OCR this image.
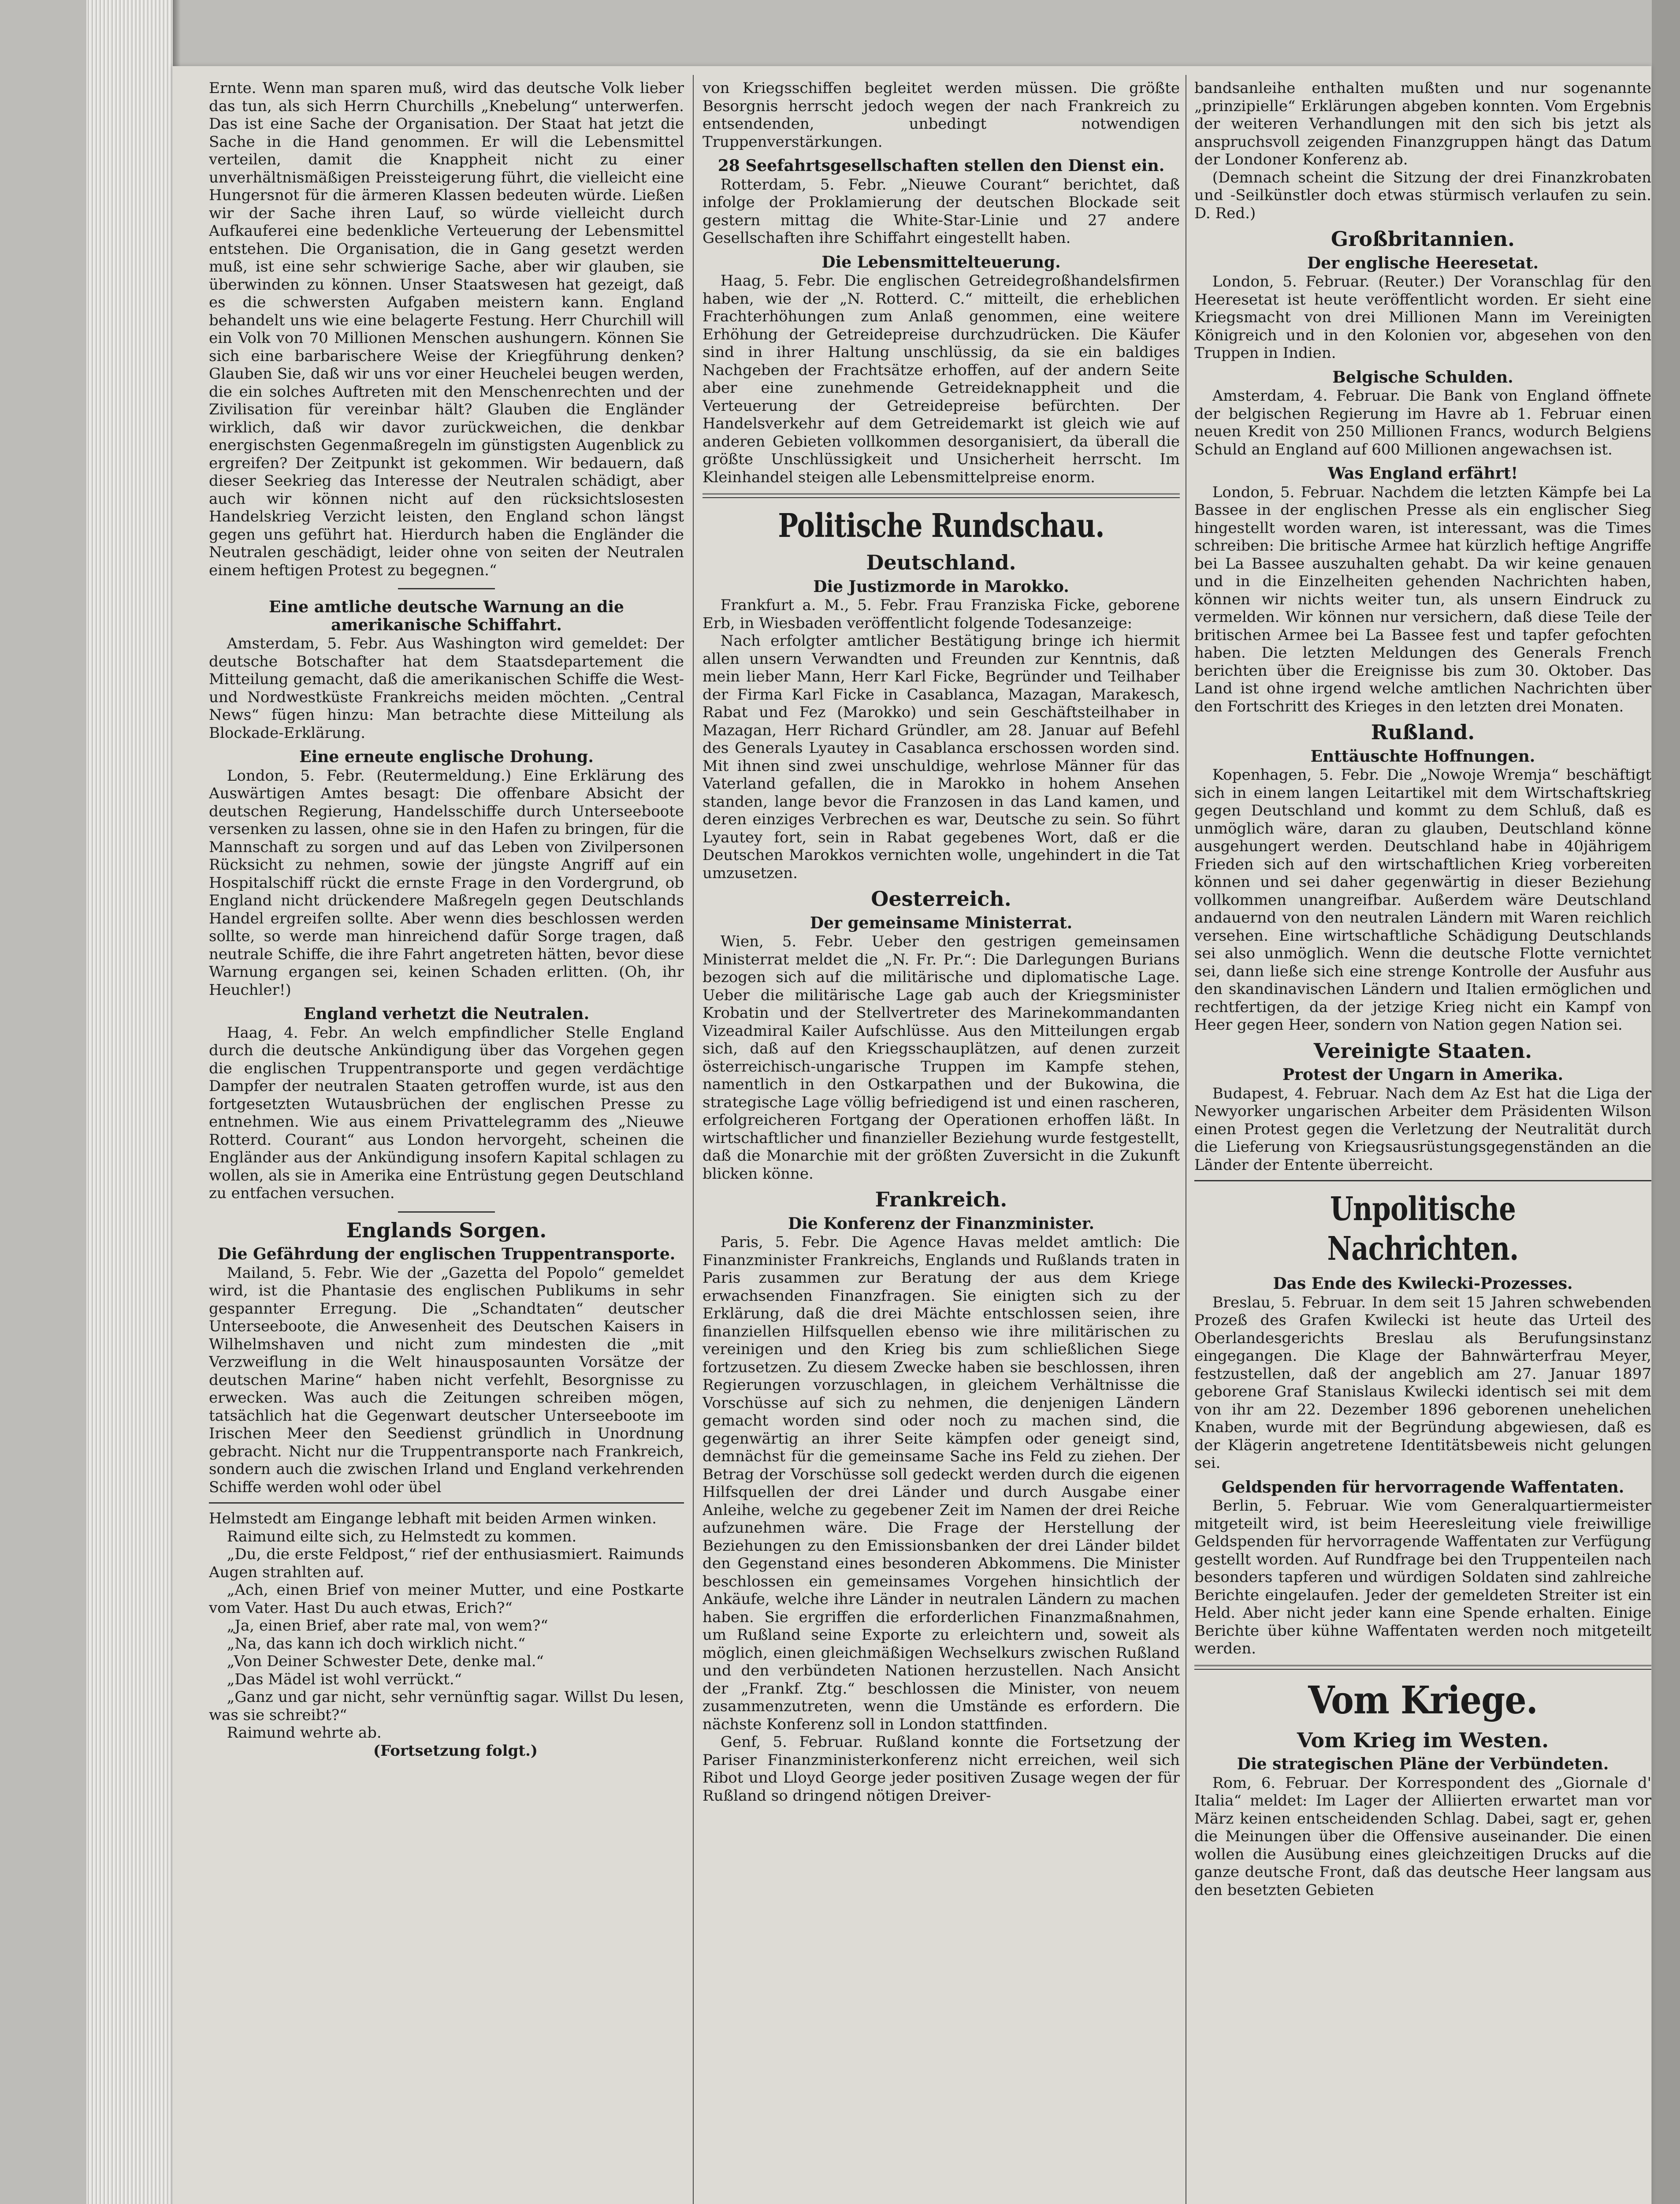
Ernte. Wenn man sparen muß, wird das deutsche Volk lieber das tun, als sich Herrn Churchills „Knebelung“ unterwerfen. Das ist eine Sache der Organisation. Der Staat hat jetzt die Sache in die Hand genommen. Er will die Lebensmittel verteilen, damit die Knappheit nicht zu einer unverhältnismäßigen Preissteigerung führt, die vielleicht eine Hungersnot für die ärmeren Klassen bedeuten würde. Ließen wir der Sache ihren Lauf, so würde vielleicht durch Aufkauferei eine bedenkliche Verteuerung der Lebensmittel entstehen. Die Organisation, die in Gang gesetzt werden muß, ist eine sehr schwierige Sache, aber wir glauben, sie überwinden zu können. Unser Staatswesen hat gezeigt, daß es die schwersten Aufgaben meistern kann. England behandelt uns wie eine belagerte Festung. Herr Churchill will ein Volk von 70 Millionen Menschen aushungern. Können Sie sich eine barbarischere Weise der Kriegführung denken? Glauben Sie, daß wir uns vor einer Heuchelei beugen werden, die ein solches Auftreten mit den Menschenrechten und der Zivilisation für vereinbar hält? Glauben die Engländer wirklich, daß wir davor zurückweichen, die denkbar energischsten Gegenmaßregeln im günstigsten Augenblick zu ergreifen? Der Zeitpunkt ist gekommen. Wir bedauern, daß dieser Seekrieg das Interesse der Neutralen schädigt, aber auch wir können nicht auf den rücksichtslosesten Handelskrieg Verzicht leisten, den England schon längst gegen uns geführt hat. Hierdurch haben die Engländer die Neutralen geschädigt, leider ohne von seiten der Neutralen einem heftigen Protest zu begegnen.“

Eine amtliche deutsche Warnung an die amerikanische Schiffahrt.

Amsterdam, 5. Febr. Aus Washington wird gemeldet: Der deutsche Botschafter hat dem Staatsdepartement die Mitteilung gemacht, daß die amerikanischen Schiffe die West- und Nordwestküste Frankreichs meiden möchten. „Central News“ fügen hinzu: Man betrachte diese Mitteilung als Blockade-Erklärung.

Eine erneute englische Drohung.

London, 5. Febr. (Reutermeldung.) Eine Erklärung des Auswärtigen Amtes besagt: Die offenbare Absicht der deutschen Regierung, Handelsschiffe durch Unterseeboote versenken zu lassen, ohne sie in den Hafen zu bringen, für die Mannschaft zu sorgen und auf das Leben von Zivilpersonen Rücksicht zu nehmen, sowie der jüngste Angriff auf ein Hospitalschiff rückt die ernste Frage in den Vordergrund, ob England nicht drückendere Maßregeln gegen Deutschlands Handel ergreifen sollte. Aber wenn dies beschlossen werden sollte, so werde man hinreichend dafür Sorge tragen, daß neutrale Schiffe, die ihre Fahrt angetreten hätten, bevor diese Warnung ergangen sei, keinen Schaden erlitten. (Oh, ihr Heuchler!)

England verhetzt die Neutralen.

Haag, 4. Febr. An welch empfindlicher Stelle England durch die deutsche Ankündigung über das Vorgehen gegen die englischen Truppentransporte und gegen verdächtige Dampfer der neutralen Staaten getroffen wurde, ist aus den fortgesetzten Wutausbrüchen der englischen Presse zu entnehmen. Wie aus einem Privattelegramm des „Nieuwe Rotterd. Courant“ aus London hervorgeht, scheinen die Engländer aus der Ankündigung insofern Kapital schlagen zu wollen, als sie in Amerika eine Entrüstung gegen Deutschland zu entfachen versuchen.

Englands Sorgen.
Die Gefährdung der englischen Truppentransporte.

Mailand, 5. Febr. Wie der „Gazetta del Popolo“ gemeldet wird, ist die Phantasie des englischen Publikums in sehr gespannter Erregung. Die „Schandtaten“ deutscher Unterseeboote, die Anwesenheit des Deutschen Kaisers in Wilhelmshaven und nicht zum mindesten die „mit Verzweiflung in die Welt hinausposaunten Vorsätze der deutschen Marine“ haben nicht verfehlt, Besorgnisse zu erwecken. Was auch die Zeitungen schreiben mögen, tatsächlich hat die Gegenwart deutscher Unterseeboote im Irischen Meer den Seedienst gründlich in Unordnung gebracht. Nicht nur die Truppentransporte nach Frankreich, sondern auch die zwischen Irland und England verkehrenden Schiffe werden wohl oder übel

Helmstedt am Eingange lebhaft mit beiden Armen winken.

Raimund eilte sich, zu Helmstedt zu kommen.

„Du, die erste Feldpost,“ rief der enthusiasmiert. Raimunds Augen strahlten auf.

„Ach, einen Brief von meiner Mutter, und eine Postkarte vom Vater. Hast Du auch etwas, Erich?“

„Ja, einen Brief, aber rate mal, von wem?“

„Na, das kann ich doch wirklich nicht.“

„Von Deiner Schwester Dete, denke mal.“

„Das Mädel ist wohl verrückt.“

„Ganz und gar nicht, sehr vernünftig sagar. Willst Du lesen, was sie schreibt?“

Raimund wehrte ab.

(Fortsetzung folgt.)

von Kriegsschiffen begleitet werden müssen. Die größte Besorgnis herrscht jedoch wegen der nach Frankreich zu entsendenden, unbedingt notwendigen Truppenverstärkungen.

28 Seefahrtsgesellschaften stellen den Dienst ein.

Rotterdam, 5. Febr. „Nieuwe Courant“ berichtet, daß infolge der Proklamierung der deutschen Blockade seit gestern mittag die White-Star-Linie und 27 andere Gesellschaften ihre Schiffahrt eingestellt haben.

Die Lebensmittelteuerung.

Haag, 5. Febr. Die englischen Getreidegroßhandelsfirmen haben, wie der „N. Rotterd. C.“ mitteilt, die erheblichen Frachterhöhungen zum Anlaß genommen, eine weitere Erhöhung der Getreidepreise durchzudrücken. Die Käufer sind in ihrer Haltung unschlüssig, da sie ein baldiges Nachgeben der Frachtsätze erhoffen, auf der andern Seite aber eine zunehmende Getreideknappheit und die Verteuerung der Getreidepreise befürchten. Der Handelsverkehr auf dem Getreidemarkt ist gleich wie auf anderen Gebieten vollkommen desorganisiert, da überall die größte Unschlüssigkeit und Unsicherheit herrscht. Im Kleinhandel steigen alle Lebensmittelpreise enorm.

Politische Rundschau.
Deutschland.
Die Justizmorde in Marokko.

Frankfurt a. M., 5. Febr. Frau Franziska Ficke, geborene Erb, in Wiesbaden veröffentlicht folgende Todesanzeige:

Nach erfolgter amtlicher Bestätigung bringe ich hiermit allen unsern Verwandten und Freunden zur Kenntnis, daß mein lieber Mann, Herr Karl Ficke, Begründer und Teilhaber der Firma Karl Ficke in Casablanca, Mazagan, Marakesch, Rabat und Fez (Marokko) und sein Geschäftsteilhaber in Mazagan, Herr Richard Gründler, am 28. Januar auf Befehl des Generals Lyautey in Casablanca erschossen worden sind. Mit ihnen sind zwei unschuldige, wehrlose Männer für das Vaterland gefallen, die in Marokko in hohem Ansehen standen, lange bevor die Franzosen in das Land kamen, und deren einziges Verbrechen es war, Deutsche zu sein. So führt Lyautey fort, sein in Rabat gegebenes Wort, daß er die Deutschen Marokkos vernichten wolle, ungehindert in die Tat umzusetzen.

Oesterreich.
Der gemeinsame Ministerrat.

Wien, 5. Febr. Ueber den gestrigen gemeinsamen Ministerrat meldet die „N. Fr. Pr.“: Die Darlegungen Burians bezogen sich auf die militärische und diplomatische Lage. Ueber die militärische Lage gab auch der Kriegsminister Krobatin und der Stellvertreter des Marinekommandanten Vizeadmiral Kailer Aufschlüsse. Aus den Mitteilungen ergab sich, daß auf den Kriegsschauplätzen, auf denen zurzeit österreichisch-ungarische Truppen im Kampfe stehen, namentlich in den Ostkarpathen und der Bukowina, die strategische Lage völlig befriedigend ist und einen rascheren, erfolgreicheren Fortgang der Operationen erhoffen läßt. In wirtschaftlicher und finanzieller Beziehung wurde festgestellt, daß die Monarchie mit der größten Zuversicht in die Zukunft blicken könne.

Frankreich.
Die Konferenz der Finanzminister.

Paris, 5. Febr. Die Agence Havas meldet amtlich: Die Finanzminister Frankreichs, Englands und Rußlands traten in Paris zusammen zur Beratung der aus dem Kriege erwachsenden Finanzfragen. Sie einigten sich zu der Erklärung, daß die drei Mächte entschlossen seien, ihre finanziellen Hilfsquellen ebenso wie ihre militärischen zu vereinigen und den Krieg bis zum schließlichen Siege fortzusetzen. Zu diesem Zwecke haben sie beschlossen, ihren Regierungen vorzuschlagen, in gleichem Verhältnisse die Vorschüsse auf sich zu nehmen, die denjenigen Ländern gemacht worden sind oder noch zu machen sind, die gegenwärtig an ihrer Seite kämpfen oder geneigt sind, demnächst für die gemeinsame Sache ins Feld zu ziehen. Der Betrag der Vorschüsse soll gedeckt werden durch die eigenen Hilfsquellen der drei Länder und durch Ausgabe einer Anleihe, welche zu gegebener Zeit im Namen der drei Reiche aufzunehmen wäre. Die Frage der Herstellung der Beziehungen zu den Emissionsbanken der drei Länder bildet den Gegenstand eines besonderen Abkommens. Die Minister beschlossen ein gemeinsames Vorgehen hinsichtlich der Ankäufe, welche ihre Länder in neutralen Ländern zu machen haben. Sie ergriffen die erforderlichen Finanzmaßnahmen, um Rußland seine Exporte zu erleichtern und, soweit als möglich, einen gleichmäßigen Wechselkurs zwischen Rußland und den verbündeten Nationen herzustellen. Nach Ansicht der „Frankf. Ztg.“ beschlossen die Minister, von neuem zusammenzutreten, wenn die Umstände es erfordern. Die nächste Konferenz soll in London stattfinden.

Genf, 5. Februar. Rußland konnte die Fortsetzung der Pariser Finanzministerkonferenz nicht erreichen, weil sich Ribot und Lloyd George jeder positiven Zusage wegen der für Rußland so dringend nötigen Dreiver-

bandsanleihe enthalten mußten und nur sogenannte „prinzipielle“ Erklärungen abgeben konnten. Vom Ergebnis der weiteren Verhandlungen mit den sich bis jetzt als anspruchsvoll zeigenden Finanzgruppen hängt das Datum der Londoner Konferenz ab.

(Demnach scheint die Sitzung der drei Finanzkrobaten und -Seilkünstler doch etwas stürmisch verlaufen zu sein. D. Red.)

Großbritannien.
Der englische Heeresetat.

London, 5. Februar. (Reuter.) Der Voranschlag für den Heeresetat ist heute veröffentlicht worden. Er sieht eine Kriegsmacht von drei Millionen Mann im Vereinigten Königreich und in den Kolonien vor, abgesehen von den Truppen in Indien.

Belgische Schulden.

Amsterdam, 4. Februar. Die Bank von England öffnete der belgischen Regierung im Havre ab 1. Februar einen neuen Kredit von 250 Millionen Francs, wodurch Belgiens Schuld an England auf 600 Millionen angewachsen ist.

Was England erfährt!

London, 5. Februar. Nachdem die letzten Kämpfe bei La Bassee in der englischen Presse als ein englischer Sieg hingestellt worden waren, ist interessant, was die Times schreiben: Die britische Armee hat kürzlich heftige Angriffe bei La Bassee auszuhalten gehabt. Da wir keine genauen und in die Einzelheiten gehenden Nachrichten haben, können wir nichts weiter tun, als unsern Eindruck zu vermelden. Wir können nur versichern, daß diese Teile der britischen Armee bei La Bassee fest und tapfer gefochten haben. Die letzten Meldungen des Generals French berichten über die Ereignisse bis zum 30. Oktober. Das Land ist ohne irgend welche amtlichen Nachrichten über den Fortschritt des Krieges in den letzten drei Monaten.

Rußland.
Enttäuschte Hoffnungen.

Kopenhagen, 5. Febr. Die „Nowoje Wremja“ beschäftigt sich in einem langen Leitartikel mit dem Wirtschaftskrieg gegen Deutschland und kommt zu dem Schluß, daß es unmöglich wäre, daran zu glauben, Deutschland könne ausgehungert werden. Deutschland habe in 40jährigem Frieden sich auf den wirtschaftlichen Krieg vorbereiten können und sei daher gegenwärtig in dieser Beziehung vollkommen unangreifbar. Außerdem wäre Deutschland andauernd von den neutralen Ländern mit Waren reichlich versehen. Eine wirtschaftliche Schädigung Deutschlands sei also unmöglich. Wenn die deutsche Flotte vernichtet sei, dann ließe sich eine strenge Kontrolle der Ausfuhr aus den skandinavischen Ländern und Italien ermöglichen und rechtfertigen, da der jetzige Krieg nicht ein Kampf von Heer gegen Heer, sondern von Nation gegen Nation sei.

Vereinigte Staaten.
Protest der Ungarn in Amerika.

Budapest, 4. Februar. Nach dem Az Est hat die Liga der Newyorker ungarischen Arbeiter dem Präsidenten Wilson einen Protest gegen die Verletzung der Neutralität durch die Lieferung von Kriegsausrüstungsgegenständen an die Länder der Entente überreicht.

Unpolitische Nachrichten.
Das Ende des Kwilecki-Prozesses.

Breslau, 5. Februar. In dem seit 15 Jahren schwebenden Prozeß des Grafen Kwilecki ist heute das Urteil des Oberlandesgerichts Breslau als Berufungsinstanz eingegangen. Die Klage der Bahnwärterfrau Meyer, festzustellen, daß der angeblich am 27. Januar 1897 geborene Graf Stanislaus Kwilecki identisch sei mit dem von ihr am 22. Dezember 1896 geborenen unehelichen Knaben, wurde mit der Begründung abgewiesen, daß es der Klägerin angetretene Identitätsbeweis nicht gelungen sei.

Geldspenden für hervorragende Waffentaten.

Berlin, 5. Februar. Wie vom Generalquartiermeister mitgeteilt wird, ist beim Heeresleitung viele freiwillige Geldspenden für hervorragende Waffentaten zur Verfügung gestellt worden. Auf Rundfrage bei den Truppenteilen nach besonders tapferen und würdigen Soldaten sind zahlreiche Berichte eingelaufen. Jeder der gemeldeten Streiter ist ein Held. Aber nicht jeder kann eine Spende erhalten. Einige Berichte über kühne Waffentaten werden noch mitgeteilt werden.

Vom Kriege.
Vom Krieg im Westen.
Die strategischen Pläne der Verbündeten.

Rom, 6. Februar. Der Korrespondent des „Giornale d' Italia“ meldet: Im Lager der Alliierten erwartet man vor März keinen entscheidenden Schlag. Dabei, sagt er, gehen die Meinungen über die Offensive auseinander. Die einen wollen die Ausübung eines gleichzeitigen Drucks auf die ganze deutsche Front, daß das deutsche Heer langsam aus den besetzten Gebieten
